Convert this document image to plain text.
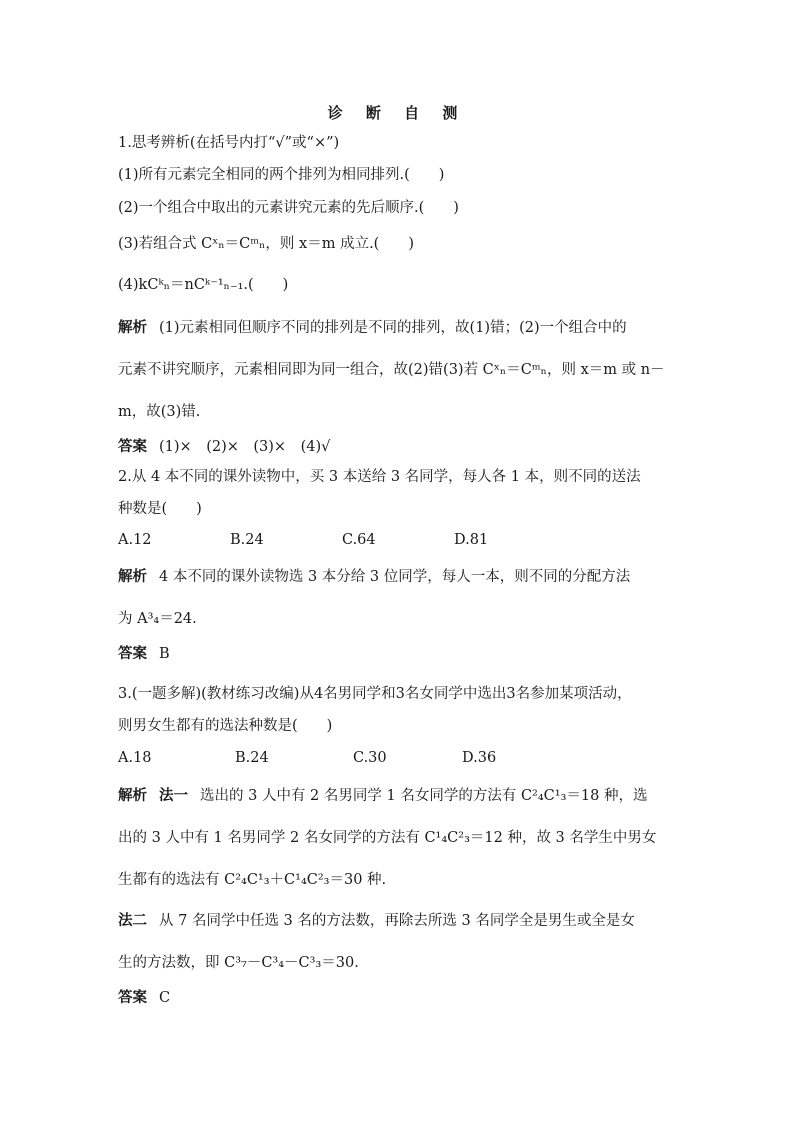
诊 断 自 测
1.思考辨析(在括号内打“√”或“×”)
(1)所有元素完全相同的两个排列为相同排列.(　　)
(2)一个组合中取出的元素讲究元素的先后顺序.(　　)
(3)若组合式 Cˣₙ＝Cᵐₙ，则 x＝m 成立.(　　)
(4)kCᵏₙ＝nCᵏ⁻¹ₙ₋₁.(　　)
解析 (1)元素相同但顺序不同的排列是不同的排列，故(1)错；(2)一个组合中的
元素不讲究顺序，元素相同即为同一组合，故(2)错(3)若 Cˣₙ＝Cᵐₙ，则 x＝m 或 n－
m，故(3)错.
答案 (1)×　(2)×　(3)×　(4)√
2.从 4 本不同的课外读物中，买 3 本送给 3 名同学，每人各 1 本，则不同的送法
种数是(　　)
A.12	B.24	C.64	D.81
解析 4 本不同的课外读物选 3 本分给 3 位同学，每人一本，则不同的分配方法
为 A³₄＝24.
答案 B
3.(一题多解)(教材练习改编)从4名男同学和3名女同学中选出3名参加某项活动，
则男女生都有的选法种数是(　　)
A.18	B.24	C.30	D.36
解析 法一 选出的 3 人中有 2 名男同学 1 名女同学的方法有 C²₄C¹₃＝18 种，选
出的 3 人中有 1 名男同学 2 名女同学的方法有 C¹₄C²₃＝12 种，故 3 名学生中男女
生都有的选法有 C²₄C¹₃＋C¹₄C²₃＝30 种.
法二 从 7 名同学中任选 3 名的方法数，再除去所选 3 名同学全是男生或全是女
生的方法数，即 C³₇－C³₄－C³₃＝30.
答案 C
